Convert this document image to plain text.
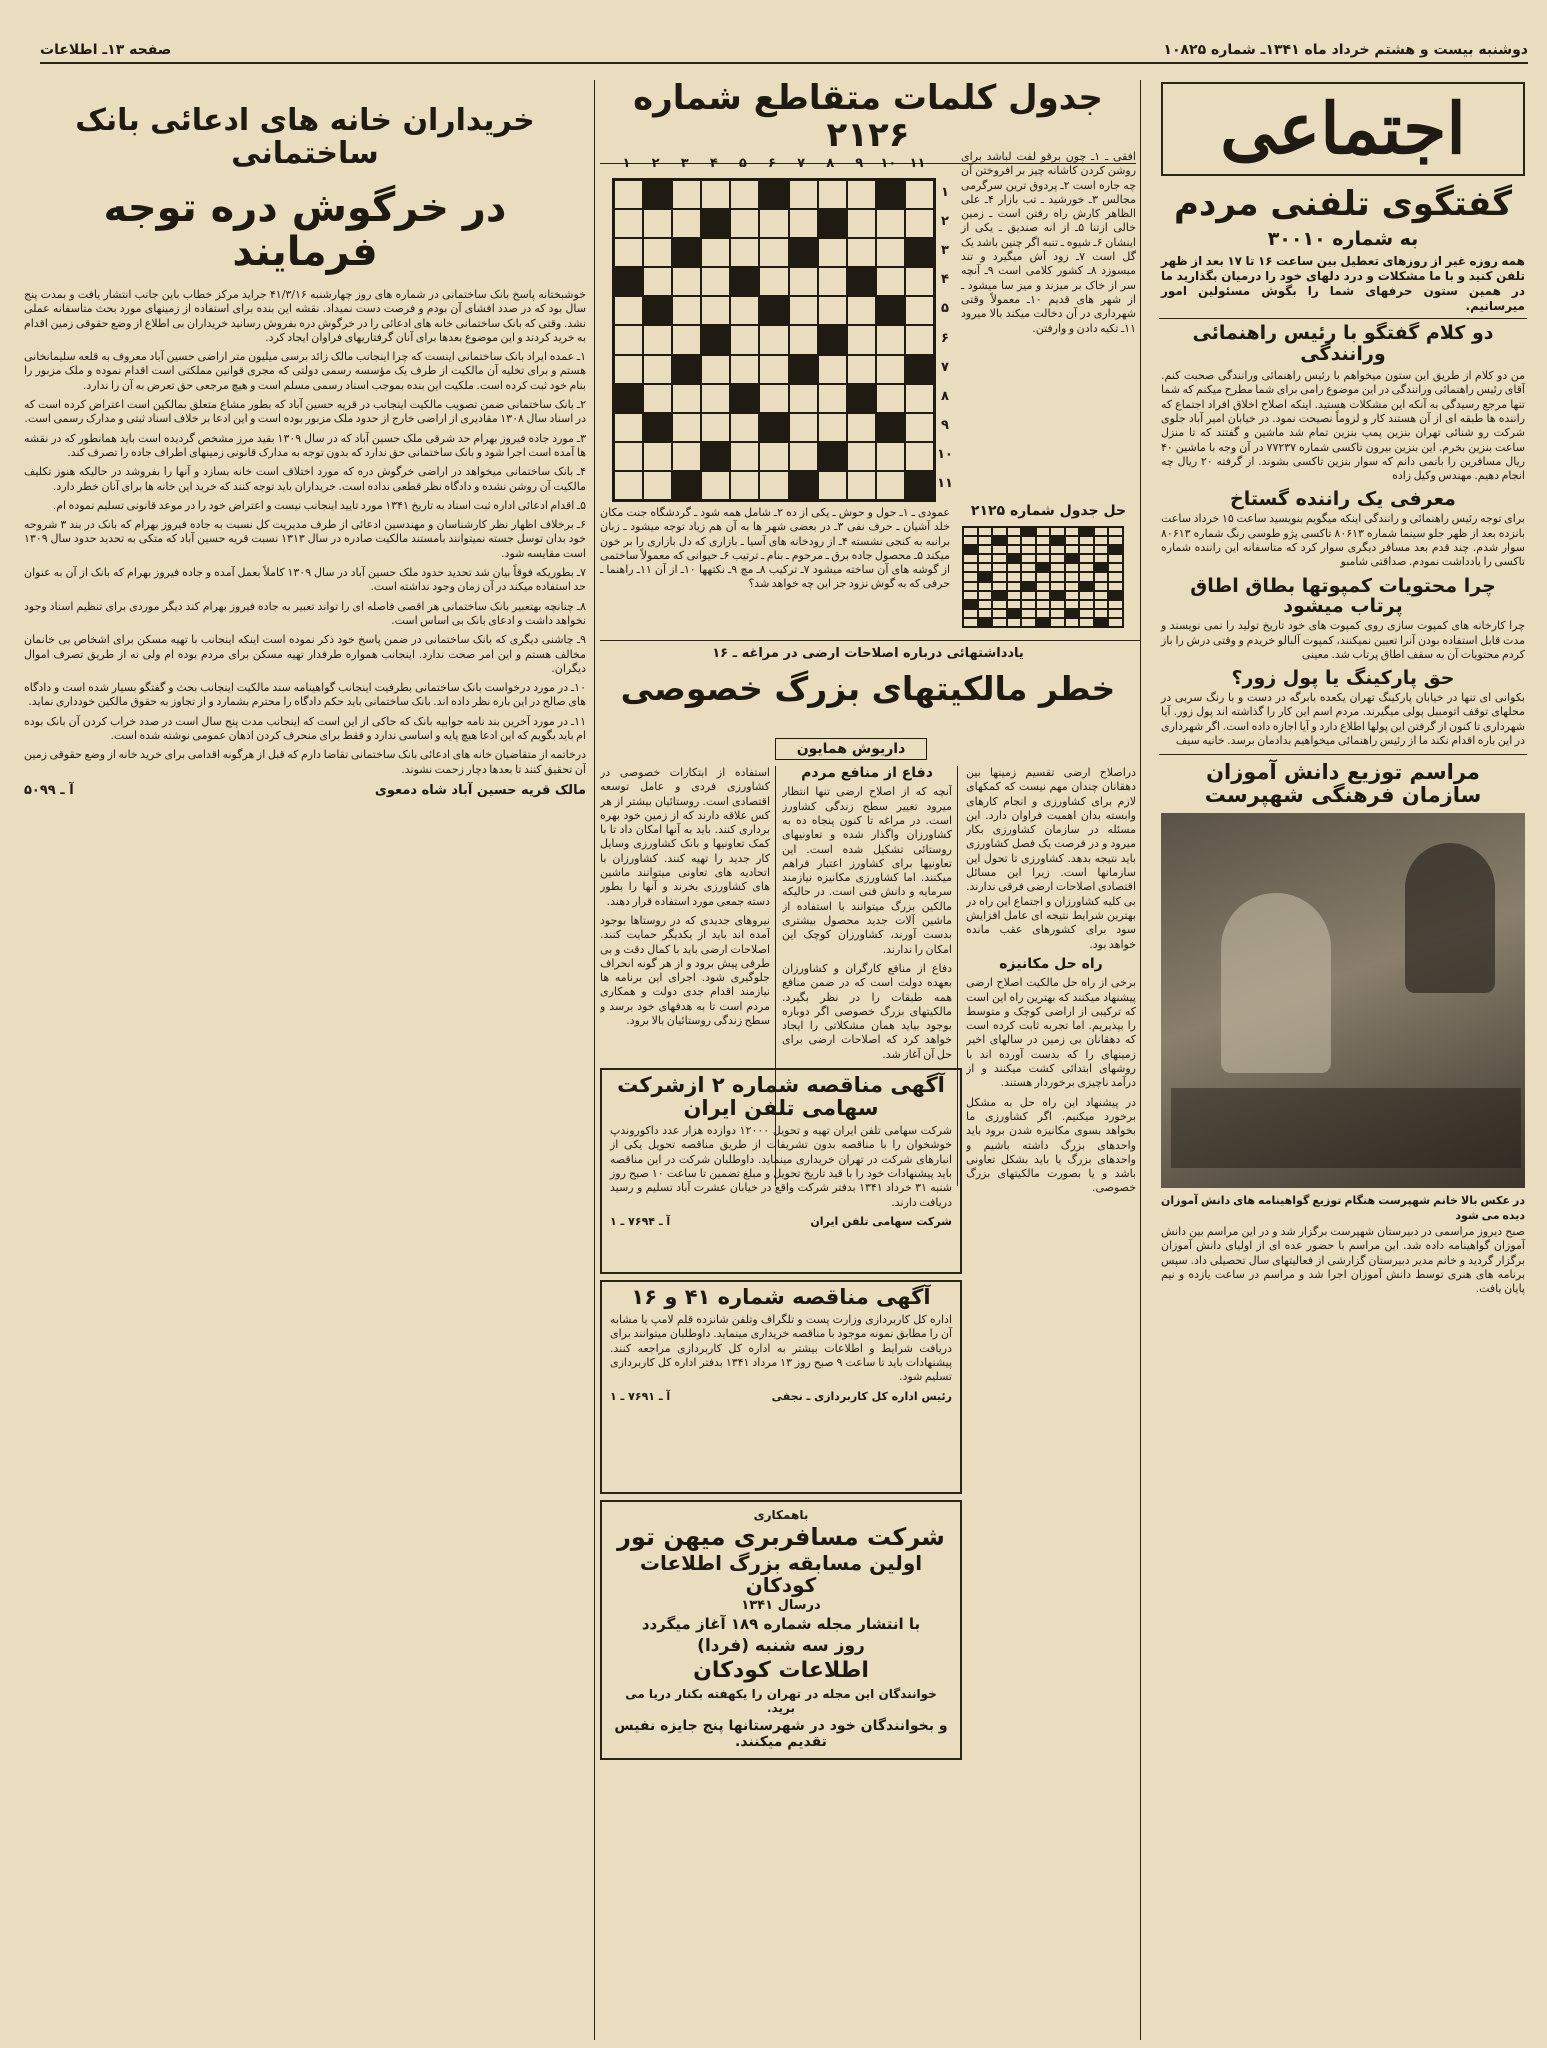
دوشنبه بیست و هشتم خرداد ماه ۱۳۴۱ـ شماره ۱۰۸۲۵
صفحه ۱۳ـ اطلاعات
اجتماعی
گفتگوی تلفنی مردم
به شماره ۳۰۰۱۰

همه روزه غیر از روزهای تعطیل بین ساعت ۱۶ تا ۱۷ بعد از ظهر تلفن کنید و با ما مشکلات و درد دلهای خود را درمیان بگذارید ما در همین ستون حرفهای شما را بگوش مسئولین امور میرسانیم.

دو کلام گفتگو با رئیس راهنمائی ورانندگی

من دو کلام از طریق این ستون میخواهم با رئیس راهنمائی ورانندگی صحبت کنم. آقای رئیس راهنمائی ورانندگی در این موضوع رامی برای شما مطرح میکنم که شما تنها مرجع رسیدگی به آنکه این مشکلات هستید. اینکه اصلاح اخلاق افراد اجتماع که راننده ها طبقه ای از آن هستند کار و لزوماً نصیحت نمود. در خیابان امیر آباد جلوی شرکت رو شنائی تهران بنزین پمپ بنزین تمام شد ماشین و گفتند که تا منزل ساعت بنزین بخرم. این بنزین بیرون تاکسی شماره ۷۷۲۳۷ در آن وجه با ماشین ۴۰ ریال مسافرین را بانمی دانم که سوار بنزین تاکسی بشوند. از گرفته ۲۰ ریال چه انجام دهیم. مهندس وکیل زاده

معرفی یک راننده گستاخ

برای توجه رئیس راهنمائی و رانندگی اینکه میگویم بنویسید ساعت ۱۵ خرداد ساعت بانزده بعد از ظهر جلو سینما شماره ۸۰۶۱۳ تاکسی پژو طوسی رنگ شماره ۸۰۶۱۳ سوار شدم. چند قدم بعد مسافر دیگری سوار کرد که متاسفانه این راننده شماره تاکسی را یادداشت نمودم. صداقتی شامبو

چرا محتویات کمپوتها بطاق اطاق پرتاب میشود

چرا کارخانه های کمپوت سازی روی کمپوت های خود تاریخ تولید را نمی نویسند و مدت قابل استفاده بودن آنرا تعیین نمیکنند، کمپوت آلبالو خریدم و وقتی درش را باز کردم محتویات آن به سقف اطاق پرتاب شد. معینی

حق پارکینگ یا پول زور؟

بکوانی ای تنها در خیابان پارکینگ تهران یکعده بابرگه در دست و با رنگ سربی در محلهای توقف اتومبیل پولی میگیرند. مردم اسم این کار را گذاشته اند پول زور. آیا شهرداری تا کنون از گرفتن این پولها اطلاع دارد و آیا اجازه داده است. اگر شهرداری در این باره اقدام نکند ما از رئیس راهنمائی میخواهیم بدادمان برسد. خانیه سیف

مراسم توزیع دانش آموزان سازمان فرهنگی شهپرست

در عکس بالا خانم شهپرست هنگام توزیع گواهینامه های دانش آموزان دیده می شود

صبح دیروز مراسمی در دبیرستان شهپرست برگزار شد و در این مراسم بین دانش آموزان گواهینامه داده شد. این مراسم با حضور عده ای از اولیای دانش آموزان برگزار گردید و خانم مدیر دبیرستان گزارشی از فعالیتهای سال تحصیلی داد. سپس برنامه های هنری توسط دانش آموزان اجرا شد و مراسم در ساعت یازده و نیم پایان یافت.

جدول کلمات متقاطع شماره ۲۱۲۶

افقی ـ ۱ـ چون برقو لفت لباشد برای روشن کردن کاشانه چیز بر افروختن آن چه جاره است ۲ـ پردوق ترین سرگرمی مجالس ۳ـ خورشید ـ تب بازار ۴ـ علی الظاهر کارش راه رفتن است ـ زمین خالی ازتنا ۵ـ از انه صندیق ـ یکی از اینشان ۶ـ شیوه ـ تنبه اگر چنین باشد یک گل است ۷ـ زود آش میگیرد و تند میسوزد ۸ـ کشور کلامی است ۹ـ آنچه سر از خاک بر میزند و میز سا میشود ـ از شهر های قدیم ۱۰ـ معمولاً وقتی شهرداری در آن دخالت میکند بالا میرود ۱۱ـ تکیه دادن و وارفتن.

۱۱
۱۰
۹
۸
۷
۶
۵
۴
۳
۲
۱
۱
۲
۳
۴
۵
۶
۷
۸
۹
۱۰
۱۱

عمودی ـ ۱ـ حول و حوش ـ یکی از ده ۲ـ شامل همه شود ـ گردشگاه جنت مکان خلد آشیان ـ حرف نفی ۳ـ در بعضی شهر ها به آن هم زیاد توجه میشود ـ زبان برانبه به کنجی نشسته ۴ـ از رودخانه های آسیا ـ بازاری که دل بازاری را بر خون میکند ۵ـ محصول جاده برق ـ مرحوم ـ بنام ـ ترتیب ۶ـ حیوانی که معمولاً ساختمی از گوشه های آن ساخته میشود ۷ـ ترکیب ۸ـ مچ ۹ـ نکتهها ۱۰ـ از آن ۱۱ـ راهنما ـ حرفی که به گوش نزود جز این چه خواهد شد؟

حل جدول شماره ۲۱۲۵
یادداشتهائی درباره اصلاحات ارضی در مراغه ـ ۱۶
خطر مالکیتهای بزرگ خصوصی
داریوش همایون

دراصلاح ارضی تقسیم زمینها بین دهقانان چندان مهم نیست که کمکهای لازم برای کشاورزی و انجام کارهای وابسته بدان اهمیت فراوان دارد. این مسئله در سازمان کشاورزی بکار میرود و در فرصت یک فصل کشاورزی باید نتیجه بدهد. کشاورزی تا تحول این سازمانها است. زیرا این مسائل اقتصادی اصلاحات ارضی فرقی ندارند. بی کلیه کشاورزان و اجتماع این راه در بهترین شرایط نتیجه ای عامل افزایش سود برای کشورهای عقب مانده خواهد بود.

راه حل مکانیزه

برخی از راه حل مالکیت اصلاح ارضی پیشنهاد میکنند که بهترین راه این است که ترکیبی از اراضی کوچک و متوسط را بپذیریم. اما تجربه ثابت کرده است که دهقانان بی زمین در سالهای اخیر زمینهای را که بدست آورده اند با روشهای ابتدائی کشت میکنند و از درآمد ناچیزی برخوردار هستند.

در پیشنهاد این راه حل به مشکل برخورد میکنیم. اگر کشاورزی ما بخواهد بسوی مکانیزه شدن برود باید واحدهای بزرگ داشته باشیم و واحدهای بزرگ یا باید بشکل تعاونی باشد و یا بصورت مالکیتهای بزرگ خصوصی.

دفاع از منافع مردم

آنچه که از اصلاح ارضی تنها انتظار میرود تغییر سطح زندگی کشاورز است. در مراغه تا کنون پنجاه ده به کشاورزان واگذار شده و تعاونیهای روستائی تشکیل شده است. این تعاونیها برای کشاورز اعتبار فراهم میکنند. اما کشاورزی مکانیزه نیازمند سرمایه و دانش فنی است. در حالیکه مالکین بزرگ میتوانند با استفاده از ماشین آلات جدید محصول بیشتری بدست آورند، کشاورزان کوچک این امکان را ندارند.

دفاع از منافع کارگران و کشاورزان بعهده دولت است که در ضمن منافع همه طبقات را در نظر بگیرد. مالکیتهای بزرگ خصوصی اگر دوباره بوجود بیاید همان مشکلاتی را ایجاد خواهد کرد که اصلاحات ارضی برای حل آن آغاز شد.

استفاده از ابتکارات خصوصی در کشاورزی فردی و عامل توسعه اقتصادی است. روستائیان بیشتر از هر کس علاقه دارند که از زمین خود بهره برداری کنند. باید به آنها امکان داد تا با کمک تعاونیها و بانک کشاورزی وسایل کار جدید را تهیه کنند. کشاورزان با اتحادیه های تعاونی میتوانند ماشین های کشاورزی بخرند و آنها را بطور دسته جمعی مورد استفاده قرار دهند.

نیروهای جدیدی که در روستاها بوجود آمده اند باید از یکدیگر حمایت کنند. اصلاحات ارضی باید با کمال دقت و بی طرفی پیش برود و از هر گونه انحراف جلوگیری شود. اجرای این برنامه ها نیازمند اقدام جدی دولت و همکاری مردم است تا به هدفهای خود برسد و سطح زندگی روستائیان بالا برود.

آگهی مناقصه شماره ۲ ازشرکت سهامی تلفن ایران

شرکت سهامی تلفن ایران تهیه و تحویل ۱۲۰۰۰ دوازده هزار عدد داکوروندپ خوشخوان را با مناقصه بدون تشریفات از طریق مناقصه تحویل یکی از انبارهای شرکت در تهران خریداری مینماید. داوطلبان شرکت در این مناقصه باید پیشنهادات خود را با قید تاریخ تحویل و مبلغ تضمین تا ساعت ۱۰ صبح روز شنبه ۳۱ خرداد ۱۳۴۱ بدفتر شرکت واقع در خیابان عشرت آباد تسلیم و رسید دریافت دارند.

شرکت سهامی تلفن ایران
آ ـ ۷۶۹۴ ـ ۱
آگهی مناقصه شماره ۴۱ و ۱۶

اداره کل کاربردازی وزارت پست و تلگراف وتلفن شانزده قلم لامپ یا مشابه آن را مطابق نمونه موجود با مناقصه خریداری مینماید. داوطلبان میتوانند برای دریافت شرایط و اطلاعات بیشتر به اداره کل کاربردازی مراجعه کنند. پیشنهادات باید تا ساعت ۹ صبح روز ۱۳ مرداد ۱۳۴۱ بدفتر اداره کل کاربردازی تسلیم شود.

رئیس اداره کل کاربردازی ـ نجفی
آ ـ ۷۶۹۱ ـ ۱
باهمکاری
شرکت مسافربری میهن تور
اولین مسابقه بزرگ اطلاعات کودکان
درسال ۱۳۴۱
با انتشار مجله شماره ۱۸۹ آغاز میگردد
روز سه شنبه (فردا)
اطلاعات کودکان
خوانندگان این مجله در تهران را یکهفته بکنار دریا می برید.
و بخوانندگان خود در شهرستانها پنج جایزه نفیس تقدیم میکنند.
خریداران خانه های ادعائی بانک ساختمانی
در خرگوش دره توجه فرمایند

خوشبختانه پاسخ بانک ساختمانی در شماره های روز چهارشنبه ۴۱/۳/۱۶ جراید مرکز خطاب باین جانب انتشار یافت و بمدت پنج سال بود که در صدد افشای آن بودم و فرصت دست نمیداد. نقشه این بنده برای استفاده از زمینهای مورد بحث متاسفانه عملی نشد. وقتی که بانک ساختمانی خانه های ادعائی را در خرگوش دره بفروش رسانید خریداران بی اطلاع از وضع حقوقی زمین اقدام به خرید کردند و این موضوع بعدها برای آنان گرفتاریهای فراوان ایجاد کرد.

۱ـ عمده ایراد بانک ساختمانی اینست که چرا اینجانب مالک زائد برسی میلیون متر اراضی حسین آباد معروف به قلعه سلیمانخانی هستم و برای تخلیه آن مالکیت از طرف یک مؤسسه رسمی دولتی که مجری قوانین مملکتی است اقدام نموده و ملک مزبور را بنام خود ثبت کرده است. ملکیت این بنده بموجب اسناد رسمی مسلم است و هیچ مرجعی حق تعرض به آن را ندارد.

۲ـ بانک ساختمانی ضمن تصویب مالکیت اینجانب در قریه حسین آباد که بطور مشاع متعلق بمالکین است اعتراض کرده است که در اسناد سال ۱۳۰۸ مقادیری از اراضی خارج از حدود ملک مزبور بوده است و این ادعا بر خلاف اسناد ثبتی و مدارک رسمی است.

۳ـ مورد جاده فیروز بهرام حد شرقی ملک حسین آباد که در سال ۱۳۰۹ بقید مرز مشخص گردیده است باید همانطور که در نقشه ها آمده است اجرا شود و بانک ساختمانی حق ندارد که بدون توجه به مدارک قانونی زمینهای اطراف جاده را تصرف کند.

۴ـ بانک ساختمانی میخواهد در اراضی خرگوش دره که مورد اختلاف است خانه بسازد و آنها را بفروشد در حالیکه هنوز تکلیف مالکیت آن روشن نشده و دادگاه نظر قطعی نداده است. خریداران باید توجه کنند که خرید این خانه ها برای آنان خطر دارد.

۵ـ اقدام ادعائی اداره ثبت اسناد به تاریخ ۱۳۴۱ مورد تایید اینجانب نیست و اعتراض خود را در موعد قانونی تسلیم نموده ام.

۶ـ برخلاف اظهار نظر کارشناسان و مهندسین ادعائی از طرف مدیریت کل نسبت به جاده فیروز بهرام که بانک در بند ۳ شروحه خود بدان توسل جسته نمیتوانند بامستند مالکیت صادره در سال ۱۳۱۳ نسبت قریه حسین آباد که متکی به تحدید حدود سال ۱۳۰۹ است مقایسه شود.

۷ـ بطوریکه فوقاً بیان شد تحدید حدود ملک حسین آباد در سال ۱۳۰۹ کاملاً بعمل آمده و جاده فیروز بهرام که بانک از آن به عنوان حد استفاده میکند در آن زمان وجود نداشته است.

۸ـ چنانچه بهتعبیر بانک ساختمانی هر اقصی فاصله ای را تواند تعبیر به جاده فیروز بهرام کند دیگر موردی برای تنظیم اسناد وجود نخواهد داشت و ادعای بانک بی اساس است.

۹ـ چاشنی دیگری که بانک ساختمانی در ضمن پاسخ خود ذکر نموده است اینکه اینجانب با تهیه مسکن برای اشخاص بی خانمان مخالف هستم و این امر صحت ندارد. اینجانب همواره طرفدار تهیه مسکن برای مردم بوده ام ولی نه از طریق تصرف اموال دیگران.

۱۰ـ در مورد درخواست بانک ساختمانی بطرفیت اینجانب گواهینامه سند مالکیت اینجانب بحث و گفتگو بسیار شده است و دادگاه های صالح در این باره نظر داده اند. بانک ساختمانی باید حکم دادگاه را محترم بشمارد و از تجاوز به حقوق مالکین خودداری نماید.

۱۱ـ در مورد آخرین بند نامه جوابیه بانک که حاکی از این است که اینجانب مدت پنج سال است در صدد خراب کردن آن بانک بوده ام باید بگویم که این ادعا هیچ پایه و اساسی ندارد و فقط برای منحرف کردن اذهان عمومی نوشته شده است.

درخاتمه از متقاضیان خانه های ادعائی بانک ساختمانی تقاضا دارم که قبل از هرگونه اقدامی برای خرید خانه از وضع حقوقی زمین آن تحقیق کنند تا بعدها دچار زحمت نشوند.

مالک قریه حسین آباد شاه دمعوی
آ ـ ۵۰۹۹
